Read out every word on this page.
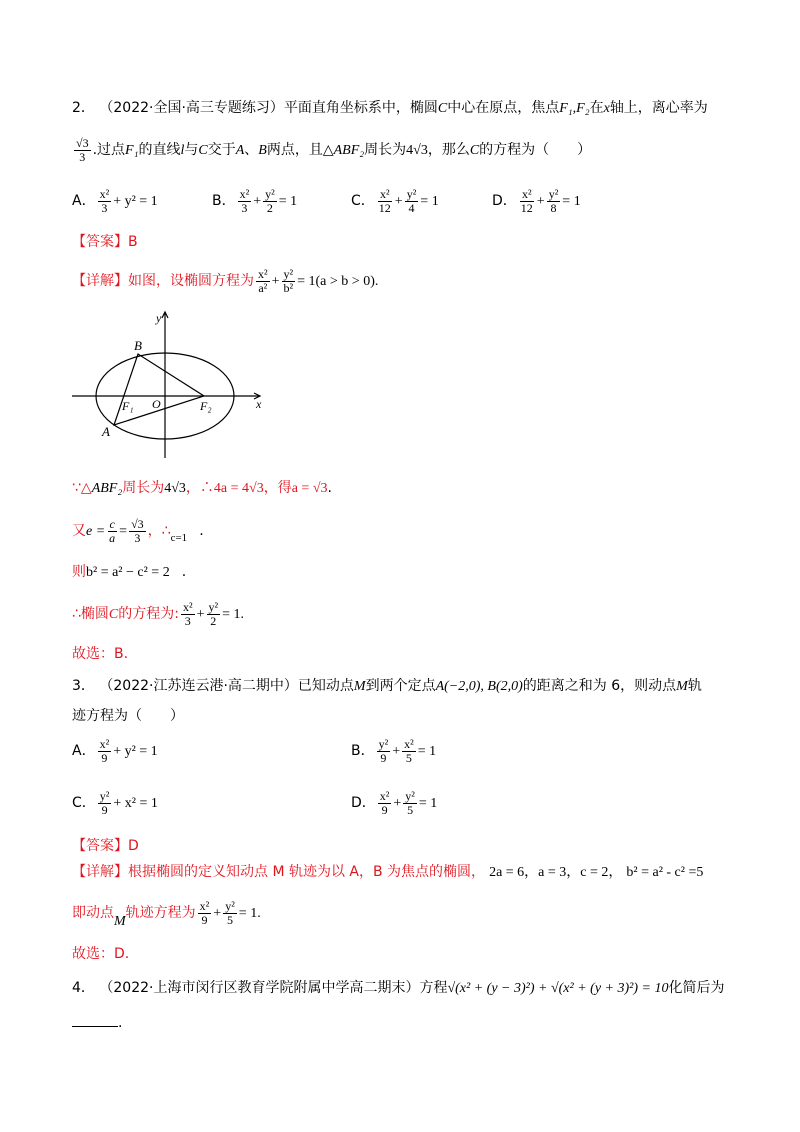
2． （2022·全国·高三专题练习）平面直角坐标系中，椭圆C中心在原点，焦点F₁,F₂在x轴上，离心率为
$\frac{√3}{3}$ .过点F₁的直线l与C交于A、B两点，且△ABF₂周长为4√3，那么C的方程为（　　）
A． $\frac{\text{x²}}{3} + y^2 = 1$	B． $\frac{\text{x²}}{3} + \frac{\text{y²}}{2} = 1$	C． $\frac{\text{x²}}{12} + \frac{\text{y²}}{4} = 1$	D． $\frac{\text{x²}}{12} + \frac{\text{y²}}{8} = 1$
【答案】B
【详解】如图，设椭圆方程为 $\frac{\text{x²}}{\text{a²}} + \frac{\text{y²}}{\text{b²}} = 1(a > b > 0)$.
y
x
B
A
F₁ O	F₂
∵△ABF₂周长为4√3，∴4a = 4√3，得a = √3.
又$e = \frac{c}{a} = \frac{√3}{3}$ ，$\therefore_{c=1}$ .
则b² = a² − c² = 2 .
∴椭圆C的方程为: $\frac{\text{x²}}{3} + \frac{\text{y²}}{2} = 1$.
故选：B.
3． （2022·江苏连云港·高二期中）已知动点M到两个定点A(−2,0), B(2,0)的距离之和为 6，则动点M轨
迹方程为（　　）
A． $\frac{\text{x²}}{9} + y^2 = 1$	B． $\frac{\text{y²}}{9} + \frac{\text{x²}}{5} = 1$
C． $\frac{\text{y²}}{9} + x^2 = 1$	D． $\frac{\text{x²}}{9} + \frac{\text{y²}}{5} = 1$
【答案】D
【详解】根据椭圆的定义知动点 M 轨迹为以 A，B 为焦点的椭圆， 2a = 6，a = 3，c = 2， b² = a² - c² =5
即动点M轨迹方程为 $\frac{\text{x²}}{9} + \frac{\text{y²}}{5} = 1$.
故选：D.
4． （2022·上海市闵行区教育学院附属中学高二期末）方程√(x² + (y − 3)²) + √(x² + (y + 3)²) = 10化简后为
.
